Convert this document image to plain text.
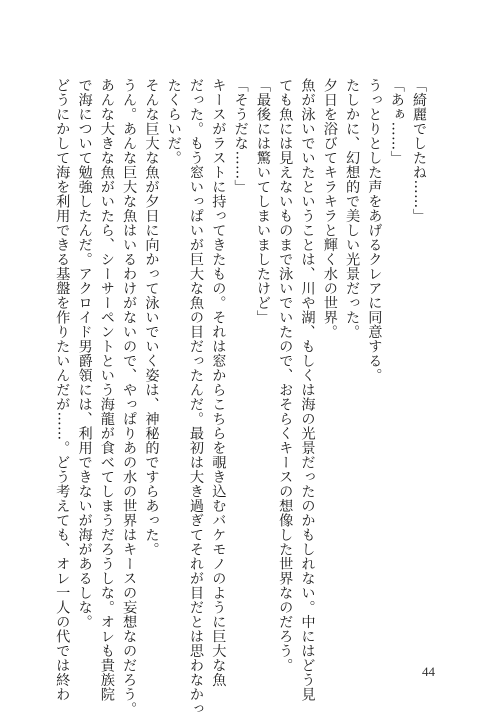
「綺麗でしたね……」
「あぁ……」
うっとりとした声をあげるクレアに同意する。
たしかに、幻想的で美しい光景だった。
夕日を浴びてキラキラと輝く水の世界。
魚が泳いでいたということは、川や湖、もしくは海の光景だったのかもしれない。中にはどう見
ても魚には見えないものまで泳いでいたので、おそらくキースの想像した世界なのだろう。
「最後には驚いてしまいましたけど」
「そうだな……」
キースがラストに持ってきたもの。それは窓からこちらを覗き込むバケモノのように巨大な魚
だった。もう窓いっぱいが巨大な魚の目だったんだ。最初は大き過ぎてそれが目だとは思わなかっ
たくらいだ。
そんな巨大な魚が夕日に向かって泳いでいく姿は、神秘的ですらあった。
うん。あんな巨大な魚はいるわけがないので、やっぱりあの水の世界はキースの妄想なのだろう。
あんな大きな魚がいたら、シーサーペントという海龍が食べてしまうだろうしな。オレも貴族院
で海について勉強したんだ。アクロイド男爵領には、利用できないが海があるしな。
どうにかして海を利用できる基盤を作りたいんだが……。どう考えても、オレ一人の代では終わ	44
